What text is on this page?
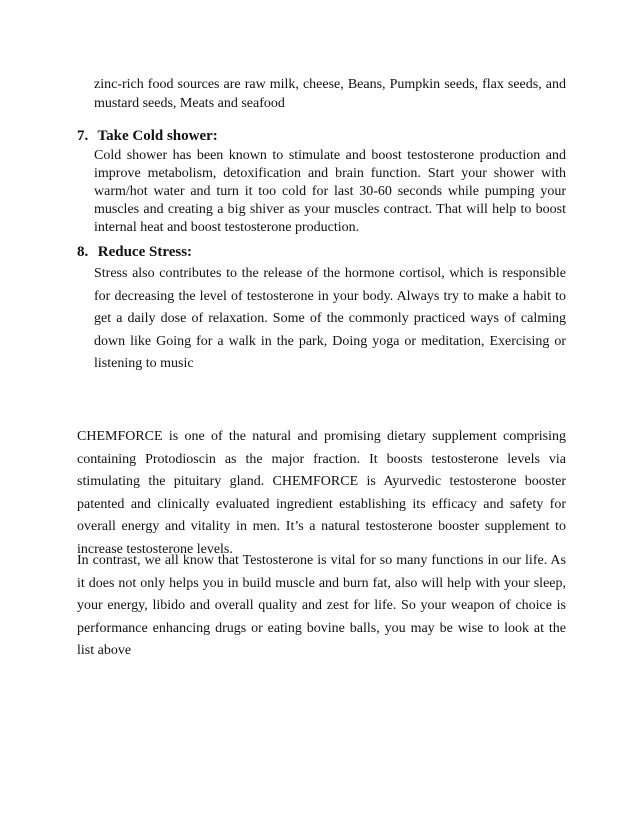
zinc-rich food sources are raw milk, cheese, Beans, Pumpkin seeds, flax seeds, and mustard seeds, Meats and seafood

7. Take Cold shower:

Cold shower has been known to stimulate and boost testosterone production and improve metabolism, detoxification and brain function. Start your shower with warm/hot water and turn it too cold for last 30-60 seconds while pumping your muscles and creating a big shiver as your muscles contract. That will help to boost internal heat and boost testosterone production.

8. Reduce Stress:

Stress also contributes to the release of the hormone cortisol, which is responsible for decreasing the level of testosterone in your body. Always try to make a habit to get a daily dose of relaxation. Some of the commonly practiced ways of calming down like Going for a walk in the park, Doing yoga or meditation, Exercising or listening to music

CHEMFORCE is one of the natural and promising dietary supplement comprising containing Protodioscin as the major fraction. It boosts testosterone levels via stimulating the pituitary gland. CHEMFORCE is Ayurvedic testosterone booster patented and clinically evaluated ingredient establishing its efficacy and safety for overall energy and vitality in men. It’s a natural testosterone booster supplement to increase testosterone levels.

In contrast, we all know that Testosterone is vital for so many functions in our life. As it does not only helps you in build muscle and burn fat, also will help with your sleep, your energy, libido and overall quality and zest for life. So your weapon of choice is performance enhancing drugs or eating bovine balls, you may be wise to look at the list above
